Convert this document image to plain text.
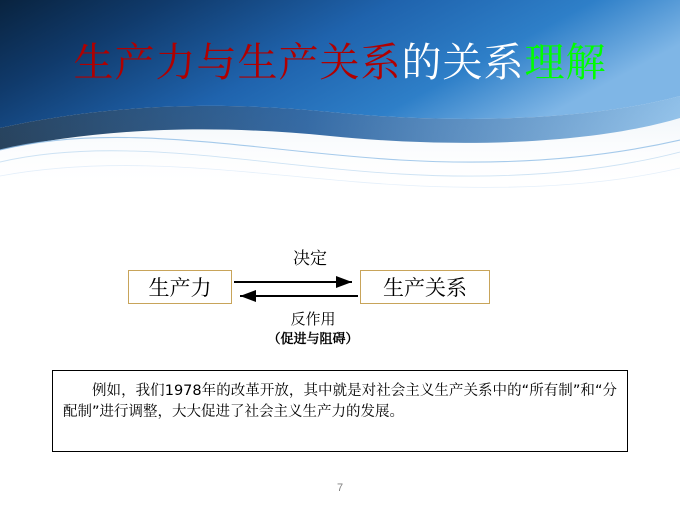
生产力与生产关系的关系理解
决定
生产力	生产关系
反作用
（促进与阻碍）

例如，我们1978年的改革开放，其中就是对社会主义生产关系中的“所有制”和“分配制”进行调整，大大促进了社会主义生产力的发展。

7
